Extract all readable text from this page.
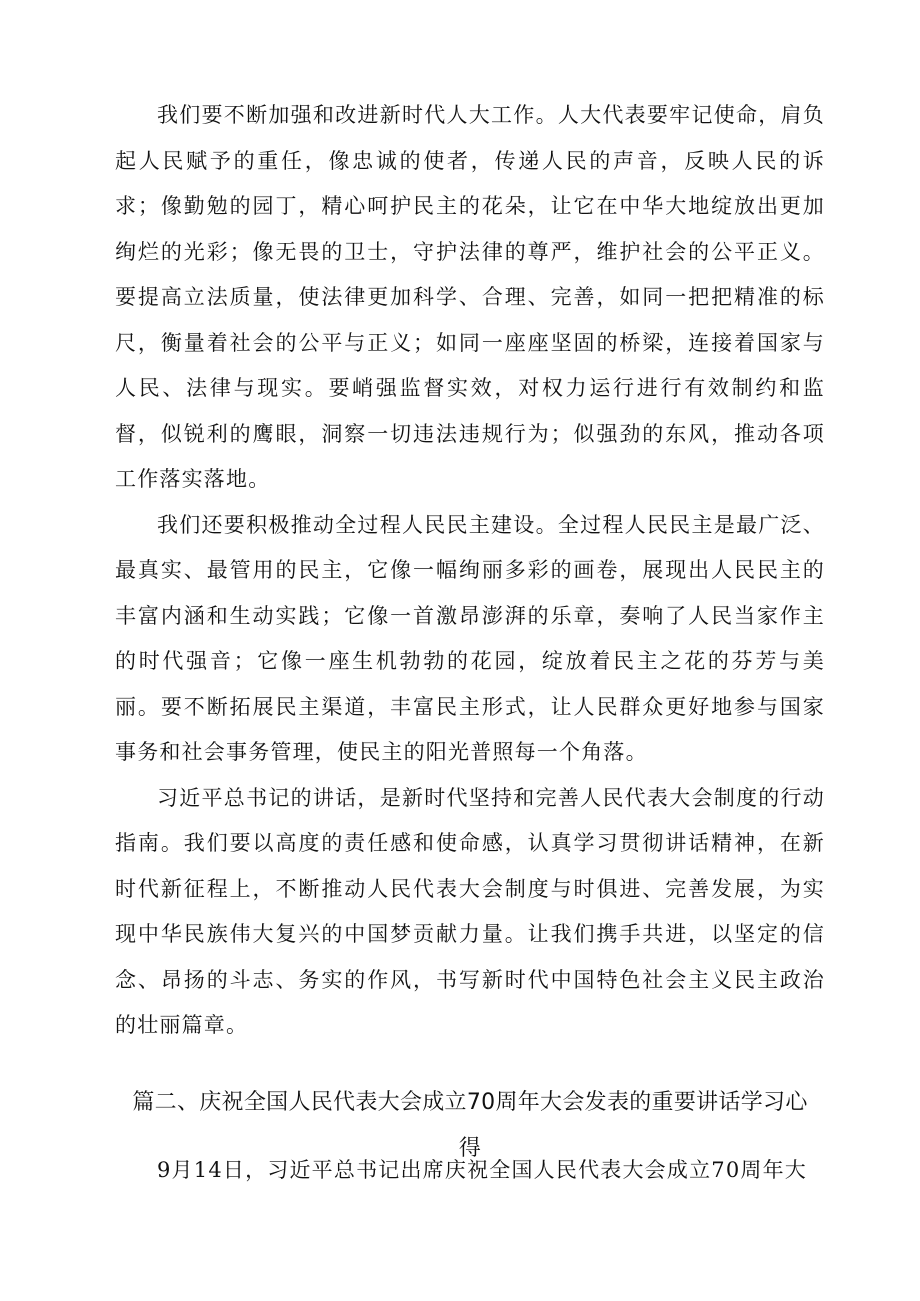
我们要不断加强和改进新时代人大工作。人大代表要牢记使命，肩负起人民赋予的重任，像忠诚的使者，传递人民的声音，反映人民的诉求；像勤勉的园丁，精心呵护民主的花朵，让它在中华大地绽放出更加绚烂的光彩；像无畏的卫士，守护法律的尊严，维护社会的公平正义。要提高立法质量，使法律更加科学、合理、完善，如同一把把精准的标尺，衡量着社会的公平与正义；如同一座座坚固的桥梁，连接着国家与人民、法律与现实。要峭强监督实效，对权力运行进行有效制约和监督，似锐利的鹰眼，洞察一切违法违规行为；似强劲的东风，推动各项工作落实落地。

我们还要积极推动全过程人民民主建设。全过程人民民主是最广泛、最真实、最管用的民主，它像一幅绚丽多彩的画卷，展现出人民民主的丰富内涵和生动实践；它像一首激昂澎湃的乐章，奏响了人民当家作主的时代强音；它像一座生机勃勃的花园，绽放着民主之花的芬芳与美丽。要不断拓展民主渠道，丰富民主形式，让人民群众更好地参与国家事务和社会事务管理，使民主的阳光普照每一个角落。

习近平总书记的讲话，是新时代坚持和完善人民代表大会制度的行动指南。我们要以高度的责任感和使命感，认真学习贯彻讲话精神，在新时代新征程上，不断推动人民代表大会制度与时俱进、完善发展，为实现中华民族伟大复兴的中国梦贡献力量。让我们携手共进，以坚定的信念、昂扬的斗志、务实的作风，书写新时代中国特色社会主义民主政治的壮丽篇章。

篇二、庆祝全国人民代表大会成立70周年大会发表的重要讲话学习心得

9月14日，习近平总书记出席庆祝全国人民代表大会成立70周年大
